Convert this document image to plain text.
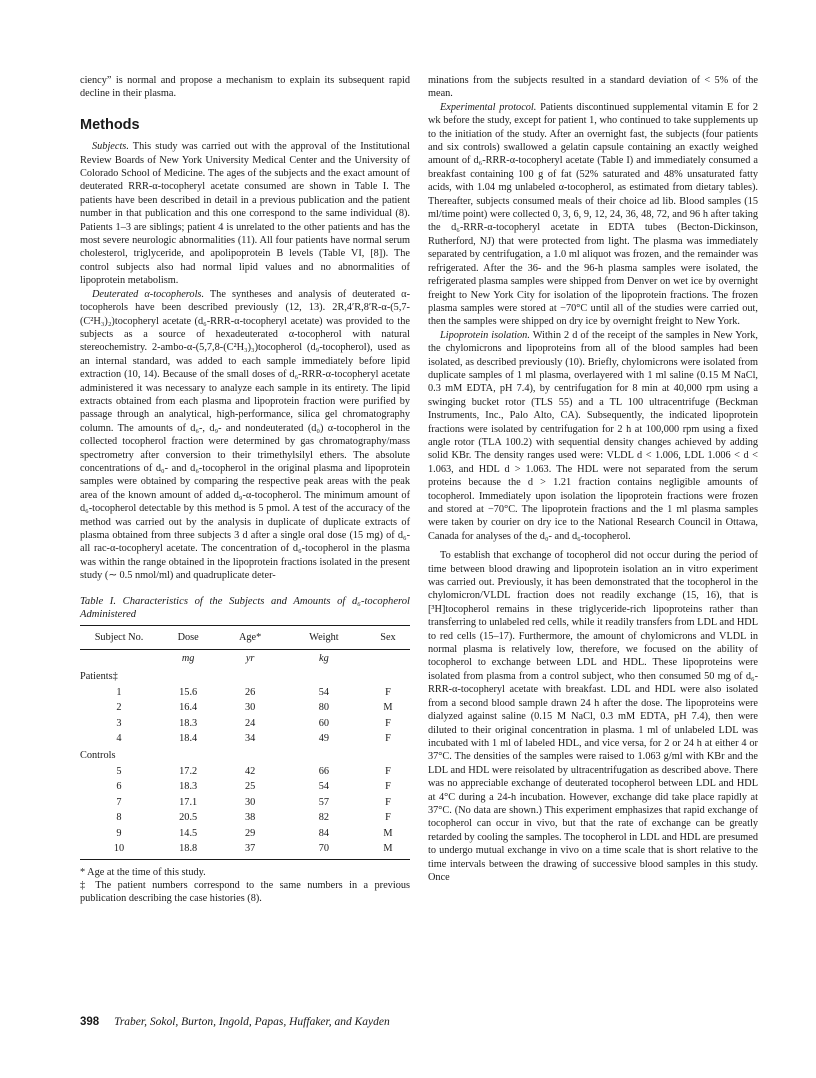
ciency” is normal and propose a mechanism to explain its subsequent rapid decline in their plasma.

Methods

Subjects. This study was carried out with the approval of the Institutional Review Boards of New York University Medical Center and the University of Colorado School of Medicine. The ages of the subjects and the exact amount of deuterated RRR-α-tocopheryl acetate consumed are shown in Table I. The patients have been described in detail in a previous publication and the patient number in that publication and this one correspond to the same individual (8). Patients 1–3 are siblings; patient 4 is unrelated to the other patients and has the most severe neurologic abnormalities (11). All four patients have normal serum cholesterol, triglyceride, and apolipoprotein B levels (Table VI, [8]). The control subjects also had normal lipid values and no abnormalities of lipoprotein metabolism.

Deuterated α-tocopherols. The syntheses and analysis of deuterated α-tocopherols have been described previously (12, 13). 2R,4′R,8′R-α-(5,7-(C²H₃)₂)tocopheryl acetate (d₆-RRR-α-tocopheryl acetate) was provided to the subjects as a source of hexadeuterated α-tocopherol with natural stereochemistry. 2-ambo-α-(5,7,8-(C²H₃)₃)tocopherol (d₉-tocopherol), used as an internal standard, was added to each sample immediately before lipid extraction (10, 14). Because of the small doses of d₆-RRR-α-tocopheryl acetate administered it was necessary to analyze each sample in its entirety. The lipid extracts obtained from each plasma and lipoprotein fraction were purified by passage through an analytical, high-performance, silica gel chromatography column. The amounts of d₆-, d₉- and nondeuterated (d₀) α-tocopherol in the collected tocopherol fraction were determined by gas chromatography/mass spectrometry after conversion to their trimethylsilyl ethers. The absolute concentrations of d₀- and d₆-tocopherol in the original plasma and lipoprotein samples were obtained by comparing the respective peak areas with the peak area of the known amount of added d₉-α-tocopherol. The minimum amount of d₆-tocopherol detectable by this method is 5 pmol. A test of the accuracy of the method was carried out by the analysis in duplicate of duplicate extracts of plasma obtained from three subjects 3 d after a single oral dose (15 mg) of d₆-all rac-α-tocopheryl acetate. The concentration of d₆-tocopherol in the plasma was within the range obtained in the lipoprotein fractions isolated in the present study (∼ 0.5 nmol/ml) and quadruplicate deter-

Table I. Characteristics of the Subjects and Amounts of d₆-tocopherol Administered
Subject No.	Dose	Age*	Weight	Sex
	mg	yr	kg	
Patients‡				
1	15.6	26	54	F
2	16.4	30	80	M
3	18.3	24	60	F
4	18.4	34	49	F
Controls				
5	17.2	42	66	F
6	18.3	25	54	F
7	17.1	30	57	F
8	20.5	38	82	F
9	14.5	29	84	M
10	18.8	37	70	M
* Age at the time of this study.
‡ The patient numbers correspond to the same numbers in a previous publication describing the case histories (8).

minations from the subjects resulted in a standard deviation of < 5% of the mean.

Experimental protocol. Patients discontinued supplemental vitamin E for 2 wk before the study, except for patient 1, who continued to take supplements up to the initiation of the study. After an overnight fast, the subjects (four patients and six controls) swallowed a gelatin capsule containing an exactly weighed amount of d₆-RRR-α-tocopheryl acetate (Table I) and immediately consumed a breakfast containing 100 g of fat (52% saturated and 48% unsaturated fatty acids, with 1.04 mg unlabeled α-tocopherol, as estimated from dietary tables). Thereafter, subjects consumed meals of their choice ad lib. Blood samples (15 ml/time point) were collected 0, 3, 6, 9, 12, 24, 36, 48, 72, and 96 h after taking the d₆-RRR-α-tocopheryl acetate in EDTA tubes (Becton-Dickinson, Rutherford, NJ) that were protected from light. The plasma was immediately separated by centrifugation, a 1.0 ml aliquot was frozen, and the remainder was refrigerated. After the 36- and the 96-h plasma samples were isolated, the refrigerated plasma samples were shipped from Denver on wet ice by overnight freight to New York City for isolation of the lipoprotein fractions. The frozen plasma samples were stored at −70°C until all of the studies were carried out, then the samples were shipped on dry ice by overnight freight to New York.

Lipoprotein isolation. Within 2 d of the receipt of the samples in New York, the chylomicrons and lipoproteins from all of the blood samples had been isolated, as described previously (10). Briefly, chylomicrons were isolated from duplicate samples of 1 ml plasma, overlayered with 1 ml saline (0.15 M NaCl, 0.3 mM EDTA, pH 7.4), by centrifugation for 8 min at 40,000 rpm using a swinging bucket rotor (TLS 55) and a TL 100 ultracentrifuge (Beckman Instruments, Inc., Palo Alto, CA). Subsequently, the indicated lipoprotein fractions were isolated by centrifugation for 2 h at 100,000 rpm using a fixed angle rotor (TLA 100.2) with sequential density changes achieved by adding solid KBr. The density ranges used were: VLDL d < 1.006, LDL 1.006 < d < 1.063, and HDL d > 1.063. The HDL were not separated from the serum proteins because the d > 1.21 fraction contains negligible amounts of tocopherol. Immediately upon isolation the lipoprotein fractions were frozen and stored at −70°C. The lipoprotein fractions and the 1 ml plasma samples were taken by courier on dry ice to the National Research Council in Ottawa, Canada for analyses of the d₀- and d₆-tocopherol.

To establish that exchange of tocopherol did not occur during the period of time between blood drawing and lipoprotein isolation an in vitro experiment was carried out. Previously, it has been demonstrated that the tocopherol in the chylomicron/VLDL fraction does not readily exchange (15, 16), that is [³H]tocopherol remains in these triglyceride-rich lipoproteins rather than transferring to unlabeled red cells, while it readily transfers from LDL and HDL to red cells (15–17). Furthermore, the amount of chylomicrons and VLDL in normal plasma is relatively low, therefore, we focused on the ability of tocopherol to exchange between LDL and HDL. These lipoproteins were isolated from plasma from a control subject, who then consumed 50 mg of d₆-RRR-α-tocopheryl acetate with breakfast. LDL and HDL were also isolated from a second blood sample drawn 24 h after the dose. The lipoproteins were dialyzed against saline (0.15 M NaCl, 0.3 mM EDTA, pH 7.4), then were diluted to their original concentration in plasma. 1 ml of unlabeled LDL was incubated with 1 ml of labeled HDL, and vice versa, for 2 or 24 h at either 4 or 37°C. The densities of the samples were raised to 1.063 g/ml with KBr and the LDL and HDL were reisolated by ultracentrifugation as described above. There was no appreciable exchange of deuterated tocopherol between LDL and HDL at 4°C during a 24-h incubation. However, exchange did take place rapidly at 37°C. (No data are shown.) This experiment emphasizes that rapid exchange of tocopherol can occur in vivo, but that the rate of exchange can be greatly retarded by cooling the samples. The tocopherol in LDL and HDL are presumed to undergo mutual exchange in vivo on a time scale that is short relative to the time intervals between the drawing of successive blood samples in this study. Once

398 Traber, Sokol, Burton, Ingold, Papas, Huffaker, and Kayden
